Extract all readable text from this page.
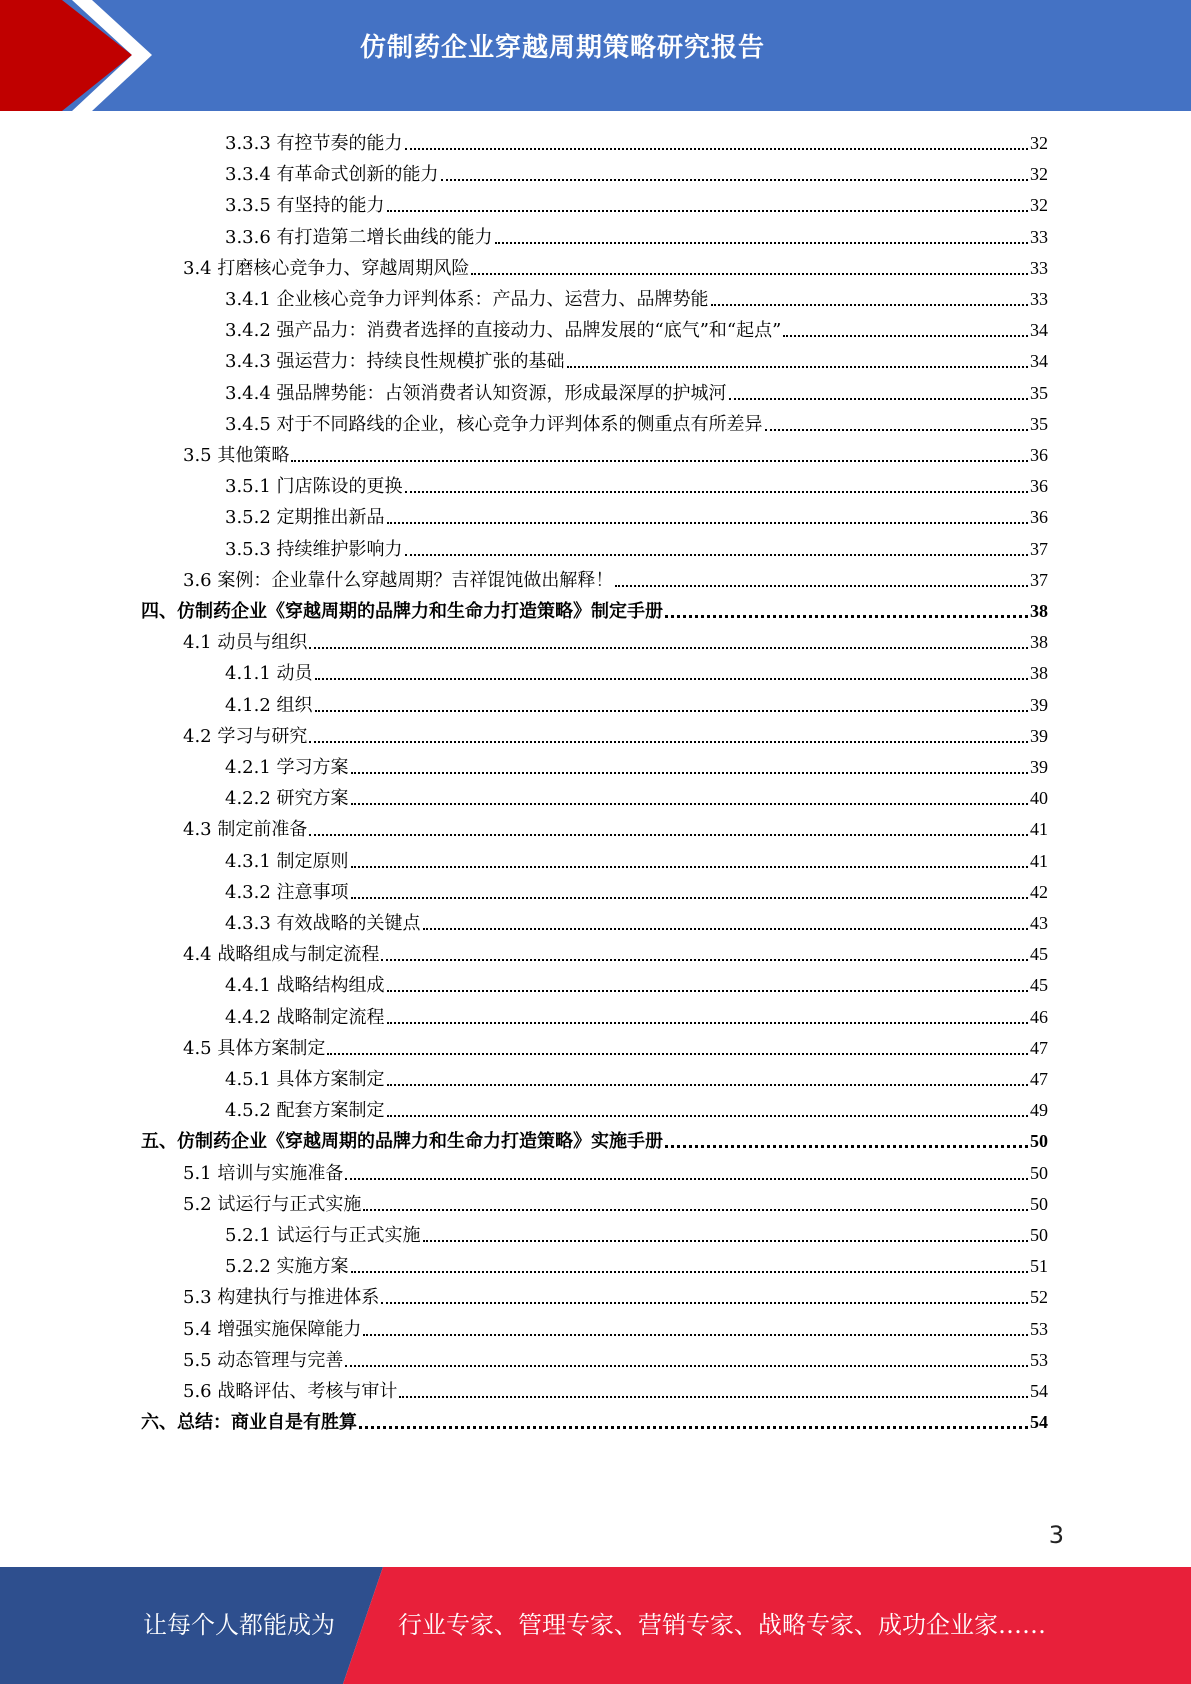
仿制药企业穿越周期策略研究报告
3.3.3 有控节奏的能力	32
3.3.4 有革命式创新的能力	32
3.3.5 有坚持的能力	32
3.3.6 有打造第二增长曲线的能力	33
3.4 打磨核心竞争力、穿越周期风险	33
3.4.1 企业核心竞争力评判体系：产品力、运营力、品牌势能	33
3.4.2 强产品力：消费者选择的直接动力、品牌发展的“底气”和“起点”	34
3.4.3 强运营力：持续良性规模扩张的基础	34
3.4.4 强品牌势能：占领消费者认知资源，形成最深厚的护城河	35
3.4.5 对于不同路线的企业，核心竞争力评判体系的侧重点有所差异	35
3.5 其他策略	36
3.5.1 门店陈设的更换	36
3.5.2 定期推出新品	36
3.5.3 持续维护影响力	37
3.6 案例：企业靠什么穿越周期？吉祥馄饨做出解释！	37
四、仿制药企业《穿越周期的品牌力和生命力打造策略》制定手册	38
4.1 动员与组织	38
4.1.1 动员	38
4.1.2 组织	39
4.2 学习与研究	39
4.2.1 学习方案	39
4.2.2 研究方案	40
4.3 制定前准备	41
4.3.1 制定原则	41
4.3.2 注意事项	42
4.3.3 有效战略的关键点	43
4.4 战略组成与制定流程	45
4.4.1 战略结构组成	45
4.4.2 战略制定流程	46
4.5 具体方案制定	47
4.5.1 具体方案制定	47
4.5.2 配套方案制定	49
五、仿制药企业《穿越周期的品牌力和生命力打造策略》实施手册	50
5.1 培训与实施准备	50
5.2 试运行与正式实施	50
5.2.1 试运行与正式实施	50
5.2.2 实施方案	51
5.3 构建执行与推进体系	52
5.4 增强实施保障能力	53
5.5 动态管理与完善	53
5.6 战略评估、考核与审计	54
六、总结：商业自是有胜算	54
3
让每个人都能成为	行业专家、管理专家、营销专家、战略专家、成功企业家……
